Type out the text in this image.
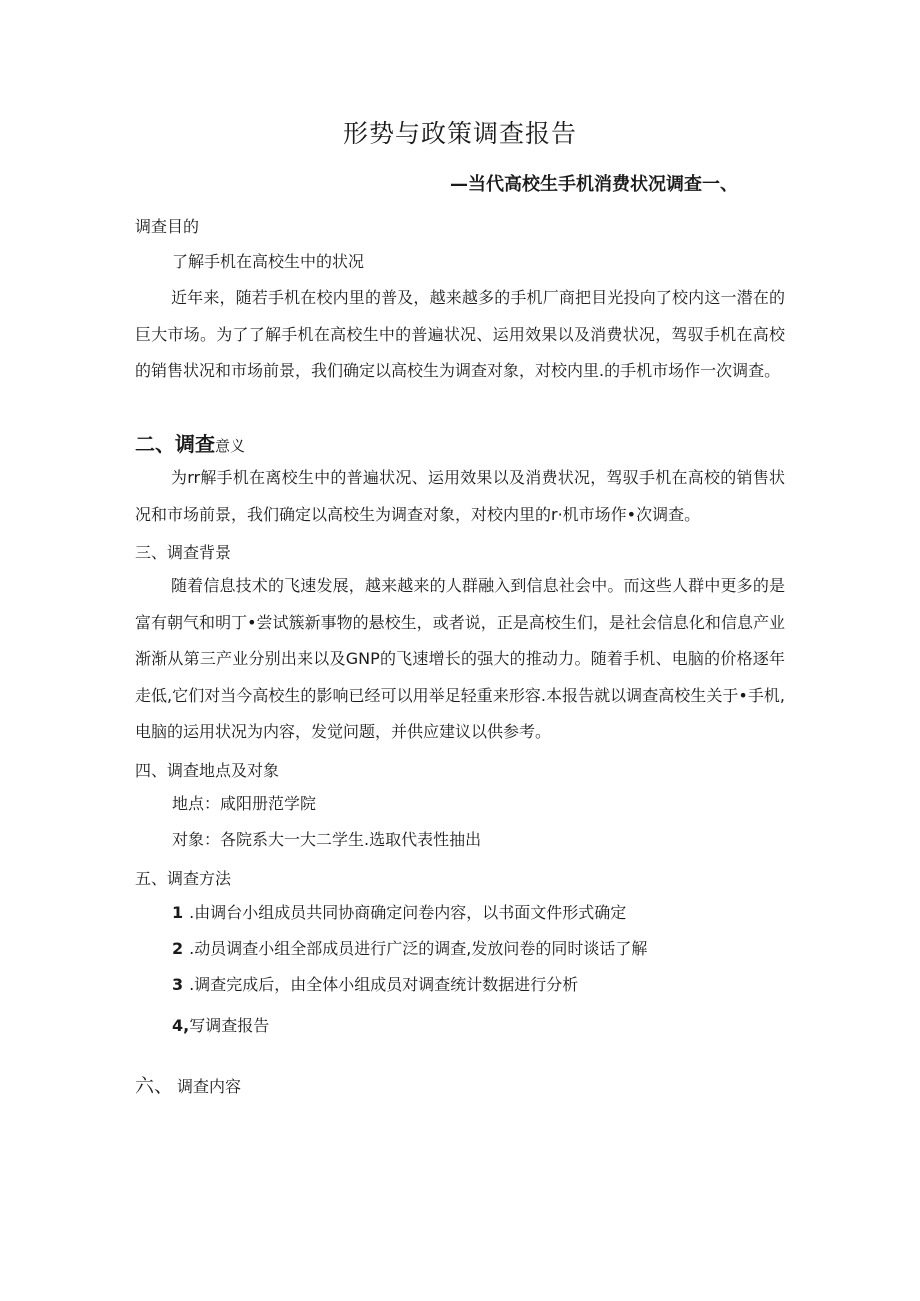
形势与政策调查报告
—当代高校生手机消费状况调查一、
调查目的
了解手机在高校生中的状况

近年来，随若手机在校内里的普及，越来越多的手机厂商把目光投向了校内这一潜在的巨大市场。为了了解手机在高校生中的普遍状况、运用效果以及消费状况，驾驭手机在高校的销售状况和市场前景，我们确定以高校生为调查对象，对校内里.的手机市场作一次调查。

二、调查意义

为rr解手机在离校生中的普遍状况、运用效果以及消费状况，驾驭手机在高校的销售状况和市场前景，我们确定以高校生为调查对象，对校内里的r·机市场作•次调查。

三、调查背景

随着信息技术的飞速发展，越来越来的人群融入到信息社会中。而这些人群中更多的是富有朝气和明丁•尝试簇新事物的悬校生，或者说，正是高校生们，是社会信息化和信息产业渐渐从第三产业分别出来以及GNP的飞速增长的强大的推动力。随着手机、电脑的价格逐年走低,它们对当今高校生的影响已经可以用举足轻重来形容.本报告就以调查高校生关于•手机,电脑的运用状况为内容，发觉问题，并供应建议以供参考。

四、调查地点及对象
地点：咸阳册范学院
对象：各院系大一大二学生.选取代表性抽出
五、调查方法
1 .由调台小组成员共同协商确定问卷内容，以书面文件形式确定
2 .动员调查小组全部成员进行广泛的调查,发放问卷的同时谈话了解
3 .调查完成后，由全体小组成员对调查统计数据进行分析
4,写调查报告
六、 调查内容
